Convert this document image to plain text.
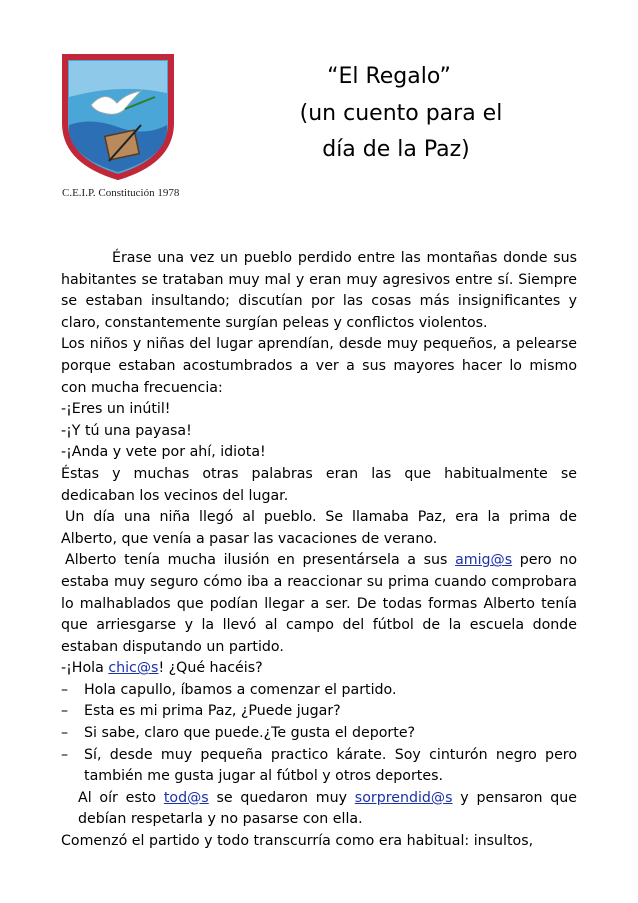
C.E.I.P. Constitución 1978
“El Regalo”
(un cuento para el
día de la Paz)

Érase una vez un pueblo perdido entre las montañas donde sus habitantes se trataban muy mal y eran muy agresivos entre sí. Siempre se estaban insultando; discutían por las cosas más insignificantes y claro, constantemente surgían peleas y conflictos violentos.

Los niños y niñas del lugar aprendían, desde muy pequeños, a pelearse porque estaban acostumbrados a ver a sus mayores hacer lo mismo con mucha frecuencia:

-¡Eres un inútil!

-¡Y tú una payasa!

-¡Anda y vete por ahí, idiota!

Éstas y muchas otras palabras eran las que habitualmente se dedicaban los vecinos del lugar.

Un día una niña llegó al pueblo. Se llamaba Paz, era la prima de Alberto, que venía a pasar las vacaciones de verano.

Alberto tenía mucha ilusión en presentársela a sus amig@s pero no estaba muy seguro cómo iba a reaccionar su prima cuando comprobara lo malhablados que podían llegar a ser. De todas formas Alberto tenía que arriesgarse y la llevó al campo del fútbol de la escuela donde estaban disputando un partido.

-¡Hola chic@s! ¿Qué hacéis?

–	Hola capullo, íbamos a comenzar el partido.
–	Esta es mi prima Paz, ¿Puede jugar?
–	Si sabe, claro que puede.¿Te gusta el deporte?
–	Sí, desde muy pequeña practico kárate. Soy cinturón negro pero también me gusta jugar al fútbol y otros deportes.

Al oír esto tod@s se quedaron muy sorprendid@s y pensaron que debían respetarla y no pasarse con ella.

Comenzó el partido y todo transcurría como era habitual: insultos,
